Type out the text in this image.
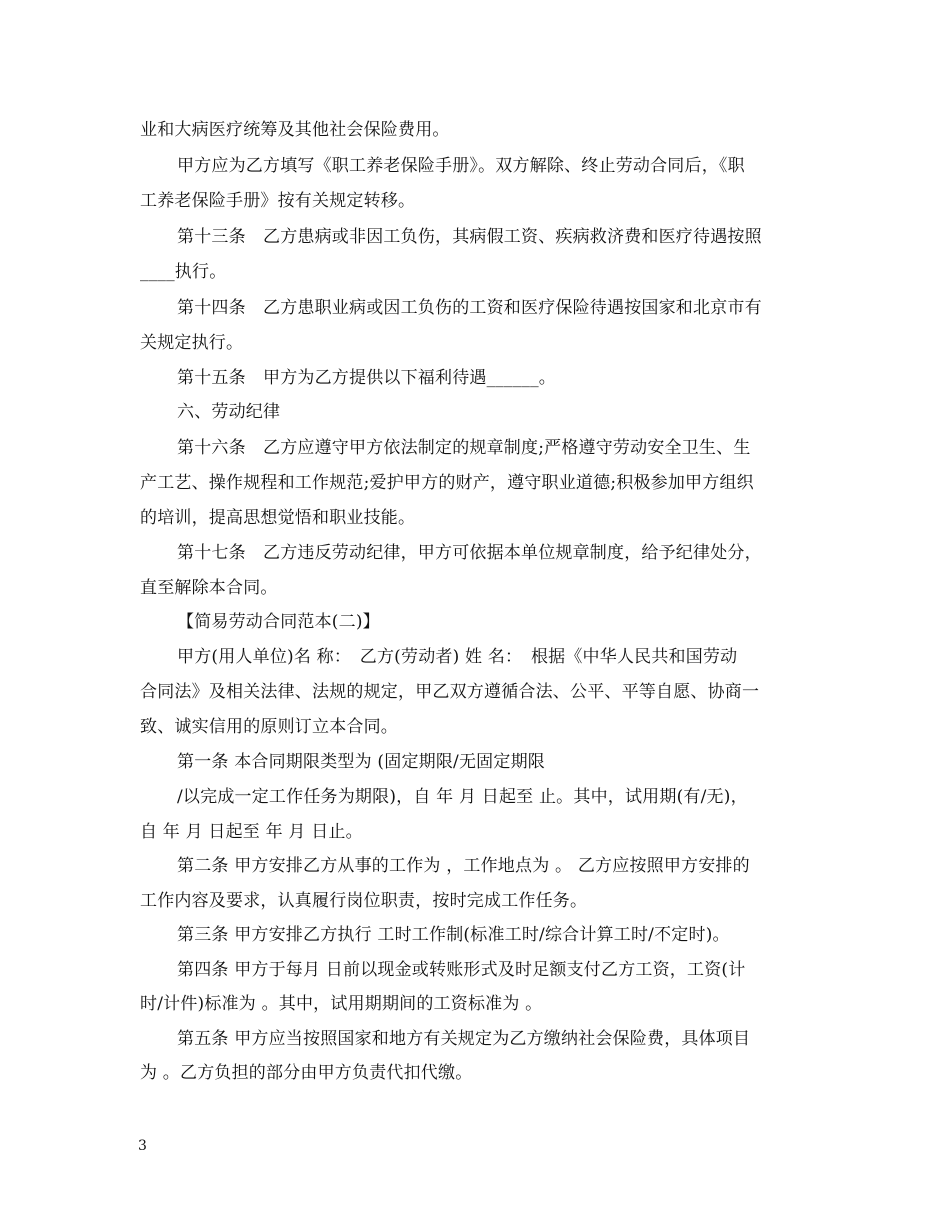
业和大病医疗统筹及其他社会保险费用。
甲方应为乙方填写《职工养老保险手册》。双方解除、终止劳动合同后，《职
工养老保险手册》按有关规定转移。
第十三条　乙方患病或非因工负伤，其病假工资、疾病救济费和医疗待遇按照
____执行。
第十四条　乙方患职业病或因工负伤的工资和医疗保险待遇按国家和北京市有
关规定执行。
第十五条　甲方为乙方提供以下福利待遇______。
六、劳动纪律
第十六条　乙方应遵守甲方依法制定的规章制度;严格遵守劳动安全卫生、生
产工艺、操作规程和工作规范;爱护甲方的财产，遵守职业道德;积极参加甲方组织
的培训，提高思想觉悟和职业技能。
第十七条　乙方违反劳动纪律，甲方可依据本单位规章制度，给予纪律处分，
直至解除本合同。
【简易劳动合同范本(二)】
甲方(用人单位)名 称：　乙方(劳动者) 姓 名：　根据《中华人民共和国劳动
合同法》及相关法律、法规的规定，甲乙双方遵循合法、公平、平等自愿、协商一
致、诚实信用的原则订立本合同。
第一条 本合同期限类型为 (固定期限/无固定期限
/以完成一定工作任务为期限)，自 年 月 日起至 止。其中，试用期(有/无)，
自 年 月 日起至 年 月 日止。
第二条 甲方安排乙方从事的工作为 ，工作地点为 。 乙方应按照甲方安排的
工作内容及要求，认真履行岗位职责，按时完成工作任务。
第三条 甲方安排乙方执行 工时工作制(标准工时/综合计算工时/不定时)。
第四条 甲方于每月 日前以现金或转账形式及时足额支付乙方工资，工资(计
时/计件)标准为 。其中，试用期期间的工资标准为 。
第五条 甲方应当按照国家和地方有关规定为乙方缴纳社会保险费，具体项目
为 。乙方负担的部分由甲方负责代扣代缴。
3
